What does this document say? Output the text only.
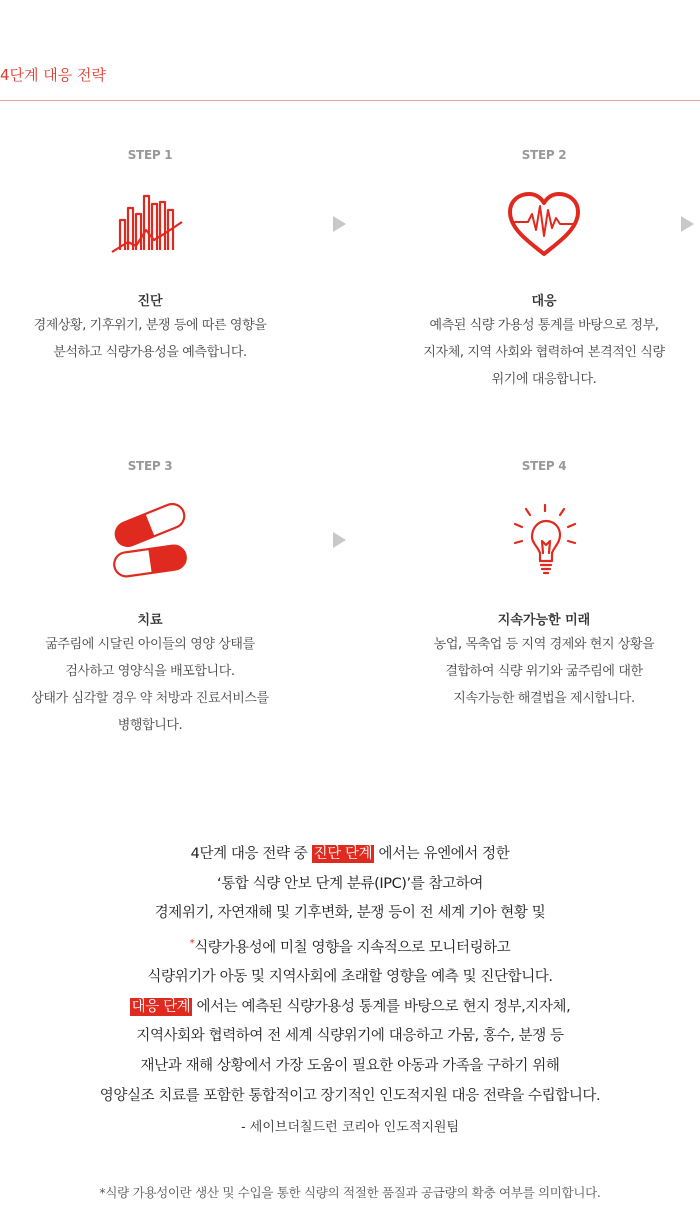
4단계 대응 전략
STEP 1
진단
경제상황, 기후위기, 분쟁 등에 따른 영향을
분석하고 식량가용성을 예측합니다.
STEP 2
대응
예측된 식량 가용성 통계를 바탕으로 정부,
지자체, 지역 사회와 협력하여 본격적인 식량
위기에 대응합니다.
STEP 3
치료
굶주림에 시달린 아이들의 영양 상태를
검사하고 영양식을 배포합니다.
상태가 심각할 경우 약 처방과 진료서비스를
병행합니다.
STEP 4
지속가능한 미래
농업, 목축업 등 지역 경제와 현지 상황을
결합하여 식량 위기와 굶주림에 대한
지속가능한 해결법을 제시합니다.
4단계 대응 전략 중 진단 단계 에서는 유엔에서 정한
‘통합 식량 안보 단계 분류(IPC)’를 참고하여
경제위기, 자연재해 및 기후변화, 분쟁 등이 전 세계 기아 현황 및
*식량가용성에 미칠 영향을 지속적으로 모니터링하고
식량위기가 아동 및 지역사회에 초래할 영향을 예측 및 진단합니다.
대응 단계 에서는 예측된 식량가용성 통계를 바탕으로 현지 정부,지자체,
지역사회와 협력하여 전 세계 식량위기에 대응하고 가뭄, 홍수, 분쟁 등
재난과 재해 상황에서 가장 도움이 필요한 아동과 가족을 구하기 위해
영양실조 치료를 포함한 통합적이고 장기적인 인도적지원 대응 전략을 수립합니다.
- 세이브더칠드런 코리아 인도적지원팀
*식량 가용성이란 생산 및 수입을 통한 식량의 적절한 품질과 공급량의 확충 여부를 의미합니다.
